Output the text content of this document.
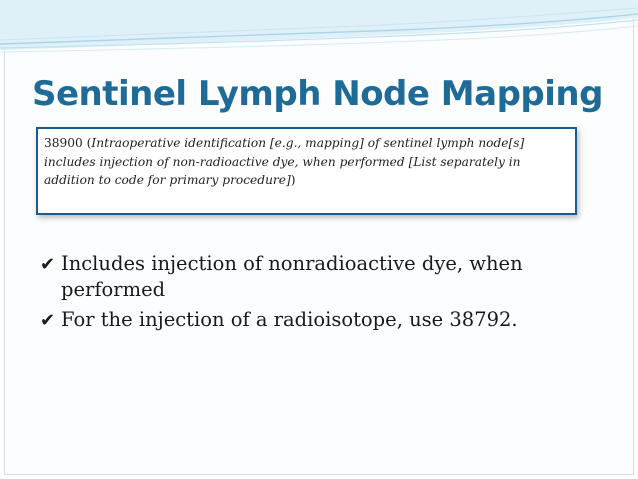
Sentinel Lymph Node Mapping
38900 (Intraoperative identification [e.g., mapping] of sentinel lymph node[s] includes injection of non-radioactive dye, when performed [List separately in addition to code for primary procedure])
✔ Includes injection of nonradioactive dye, when performed
✔ For the injection of a radioisotope, use 38792.
